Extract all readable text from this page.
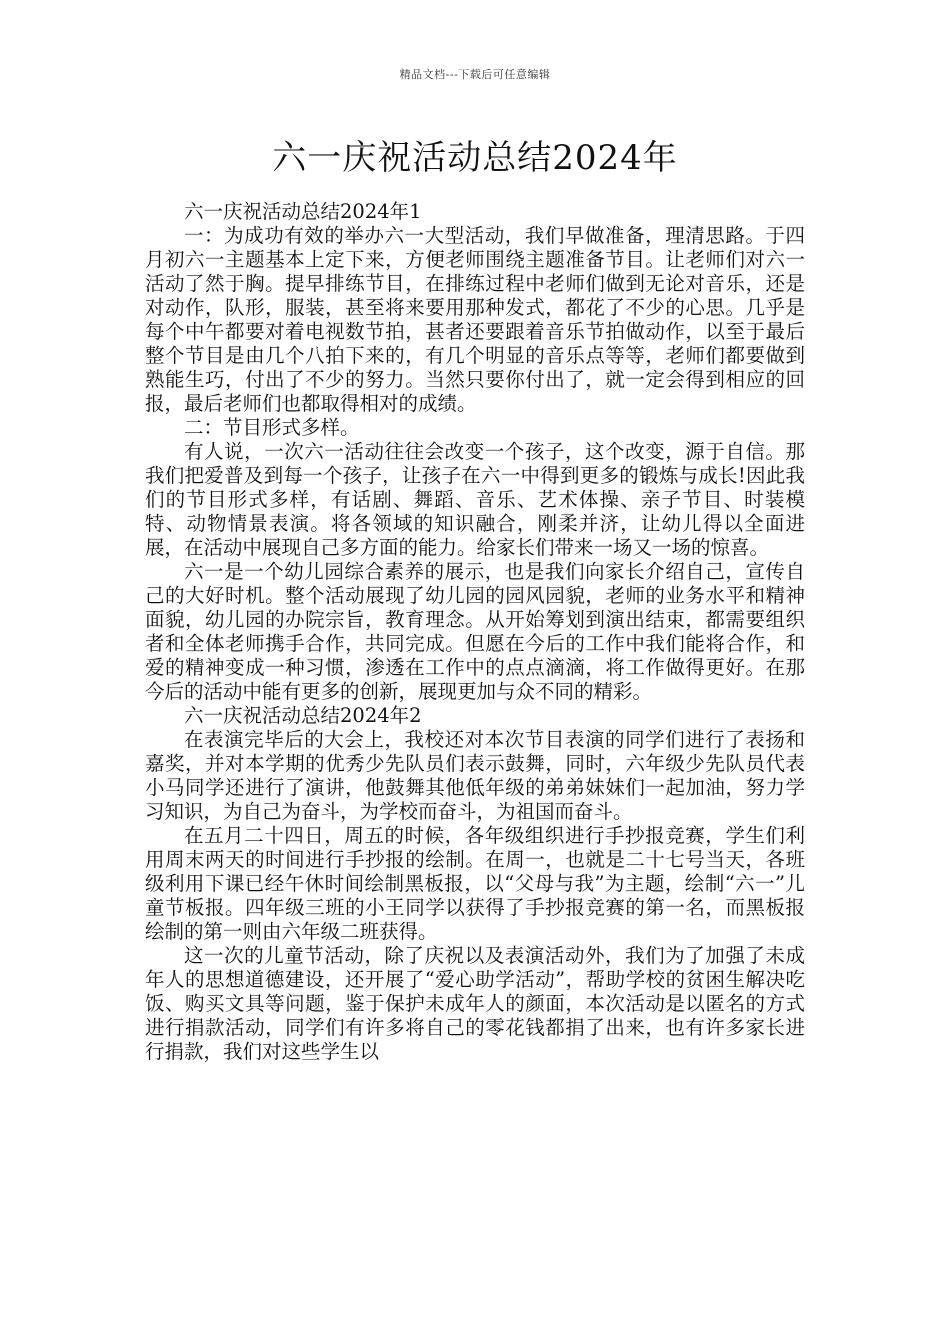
精品文档---下载后可任意编辑
六一庆祝活动总结2024年

六一庆祝活动总结2024年1

一：为成功有效的举办六一大型活动，我们早做准备，理清思路。于四月初六一主题基本上定下来，方便老师围绕主题准备节目。让老师们对六一活动了然于胸。提早排练节目，在排练过程中老师们做到无论对音乐，还是对动作，队形，服装，甚至将来要用那种发式，都花了不少的心思。几乎是每个中午都要对着电视数节拍，甚者还要跟着音乐节拍做动作，以至于最后整个节目是由几个八拍下来的，有几个明显的音乐点等等，老师们都要做到熟能生巧，付出了不少的努力。当然只要你付出了，就一定会得到相应的回报，最后老师们也都取得相对的成绩。

二：节目形式多样。

有人说，一次六一活动往往会改变一个孩子，这个改变，源于自信。那我们把爱普及到每一个孩子，让孩子在六一中得到更多的锻炼与成长!因此我们的节目形式多样，有话剧、舞蹈、音乐、艺术体操、亲子节目、时装模特、动物情景表演。将各领域的知识融合，刚柔并济，让幼儿得以全面进展，在活动中展现自己多方面的能力。给家长们带来一场又一场的惊喜。

六一是一个幼儿园综合素养的展示，也是我们向家长介绍自己，宣传自己的大好时机。整个活动展现了幼儿园的园风园貌，老师的业务水平和精神面貌，幼儿园的办院宗旨，教育理念。从开始筹划到演出结束，都需要组织者和全体老师携手合作，共同完成。但愿在今后的工作中我们能将合作，和爱的精神变成一种习惯，渗透在工作中的点点滴滴，将工作做得更好。在那今后的活动中能有更多的创新，展现更加与众不同的精彩。

六一庆祝活动总结2024年2

在表演完毕后的大会上，我校还对本次节目表演的同学们进行了表扬和嘉奖，并对本学期的优秀少先队员们表示鼓舞，同时，六年级少先队员代表小马同学还进行了演讲，他鼓舞其他低年级的弟弟妹妹们一起加油，努力学习知识，为自己为奋斗，为学校而奋斗，为祖国而奋斗。

在五月二十四日，周五的时候，各年级组织进行手抄报竞赛，学生们利用周末两天的时间进行手抄报的绘制。在周一，也就是二十七号当天，各班级利用下课已经午休时间绘制黑板报，以“父母与我”为主题，绘制“六一”儿童节板报。四年级三班的小王同学以获得了手抄报竞赛的第一名，而黑板报绘制的第一则由六年级二班获得。

这一次的儿童节活动，除了庆祝以及表演活动外，我们为了加强了未成年人的思想道德建设，还开展了“爱心助学活动”，帮助学校的贫困生解决吃饭、购买文具等问题，鉴于保护未成年人的颜面，本次活动是以匿名的方式进行捐款活动，同学们有许多将自己的零花钱都捐了出来，也有许多家长进行捐款，我们对这些学生以
